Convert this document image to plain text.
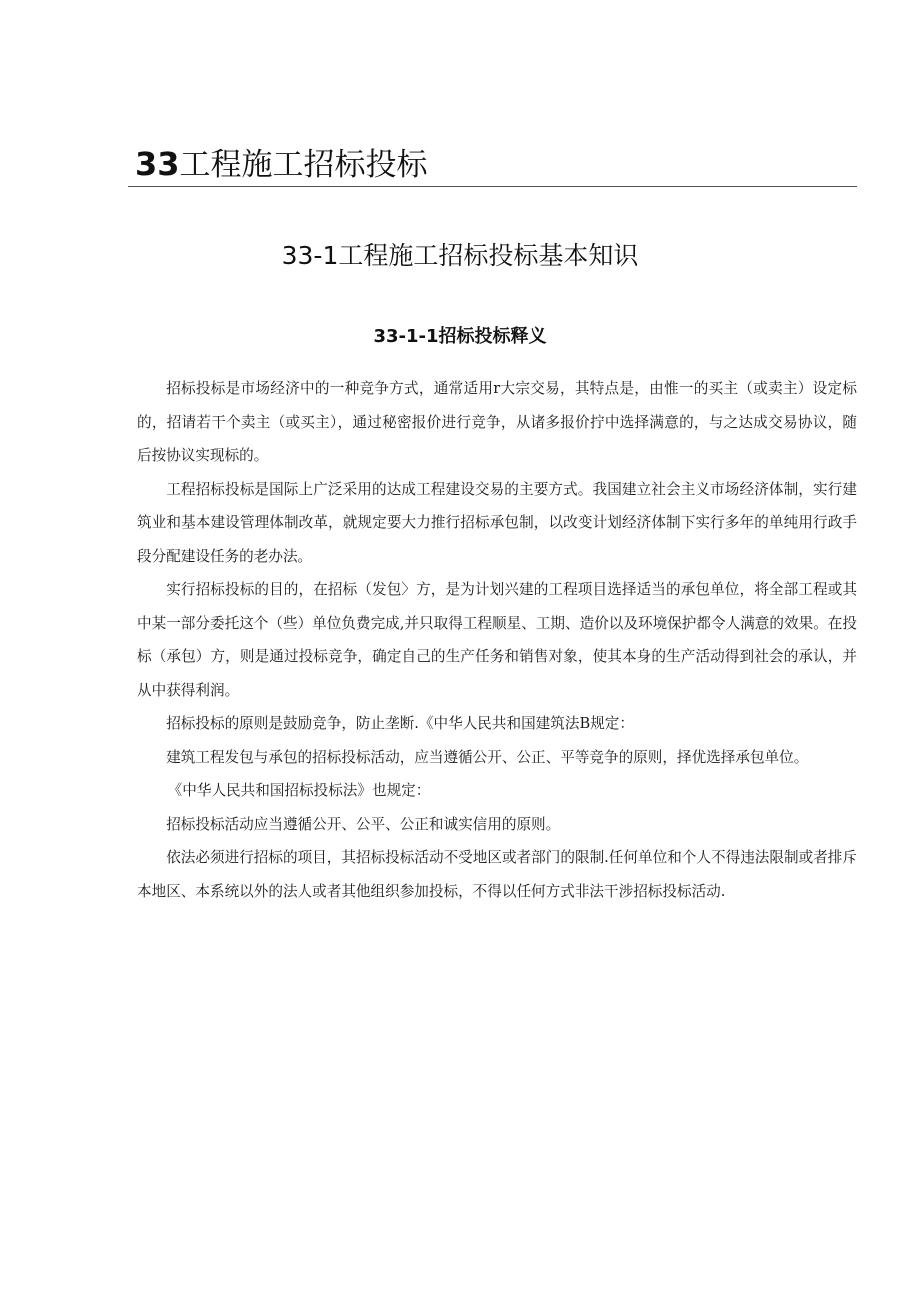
33工程施工招标投标
33-1工程施工招标投标基本知识
33-1-1招标投标释义

招标投标是市场经济中的一种竞争方式，通常适用r大宗交易，其特点是，由惟一的买主（或卖主）设定标的，招请若干个卖主（或买主），通过秘密报价进行竞争，从诸多报价拧中选择满意的，与之达成交易协议，随后按协议实现标的。

工程招标投标是国际上广泛采用的达成工程建设交易的主要方式。我国建立社会主义市场经济体制，实行建筑业和基本建设管理体制改革，就规定要大力推行招标承包制，以改变计划经济体制下实行多年的单纯用行政手段分配建设任务的老办法。

实行招标投标的目的，在招标（发包〉方，是为计划兴建的工程项目选择适当的承包单位，将全部工程或其中某一部分委托这个（些）单位负费完成,并只取得工程顺星、工期、造价以及环境保护都令人满意的效果。在投标（承包）方，则是通过投标竞争，确定自己的生产任务和销售对象，使其本身的生产活动得到社会的承认，并从中获得利润。

招标投标的原则是鼓励竞争，防止垄断.《中华人民共和国建筑法B规定：

建筑工程发包与承包的招标投标活动，应当遵循公开、公正、平等竞争的原则，择优选择承包单位。

《中华人民共和国招标投标法》也规定：

招标投标活动应当遵循公开、公平、公正和诚实信用的原则。

依法必须进行招标的项目，其招标投标活动不受地区或者部门的限制.任何单位和个人不得违法限制或者排斥本地区、本系统以外的法人或者其他组织参加投标，不得以任何方式非法干涉招标投标活动.
